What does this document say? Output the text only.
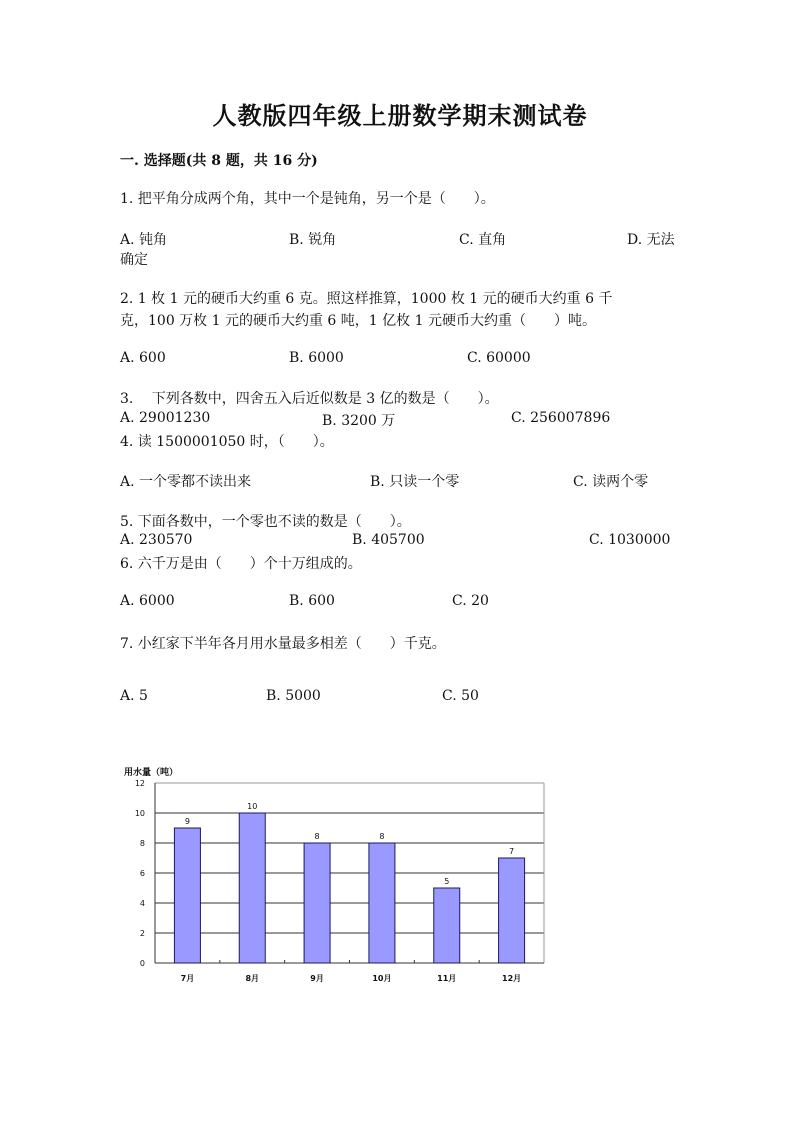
人教版四年级上册数学期末测试卷
一. 选择题(共 8 题，共 16 分)
1. 把平角分成两个角，其中一个是钝角，另一个是（　　）。
A. 钝角	B. 锐角	C. 直角	D. 无法
确定
2. 1 枚 1 元的硬币大约重 6 克。照这样推算，1000 枚 1 元的硬币大约重 6 千
克，100 万枚 1 元的硬币大约重 6 吨，1 亿枚 1 元硬币大约重（　　）吨。
A. 600	B. 6000	C. 60000
3.　 下列各数中，四舍五入后近似数是 3 亿的数是（　　）。
A. 29001230	B. 3200 万	C. 256007896
4. 读 1500001050 时，（　　）。
A. 一个零都不读出来	B. 只读一个零	C. 读两个零
5. 下面各数中，一个零也不读的数是（　　）。
A. 230570	B. 405700	C. 1030000
6. 六千万是由（　　）个十万组成的。
A. 6000	B. 600	C. 20
7. 小红家下半年各月用水量最多相差（　　）千克。
A. 5	B. 5000	C. 50
用水量（吨）
0
2
4
6
8
10
12
9
10
8	8
5
7
7月	8月	9月	10月	11月	12月
